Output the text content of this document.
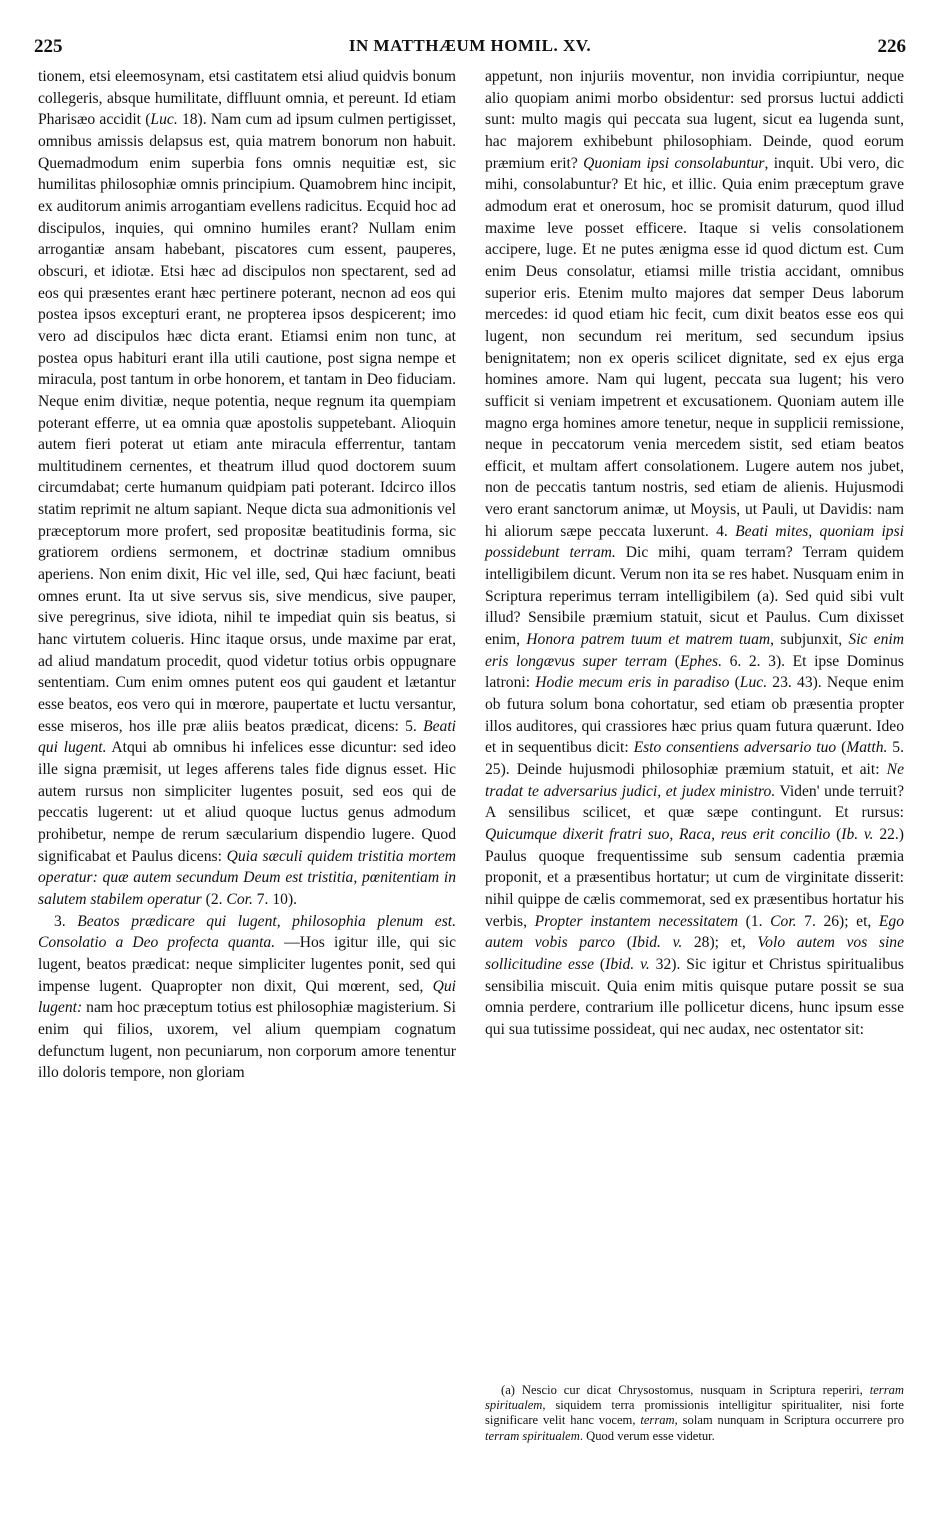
225	IN MATTHÆUM HOMIL. XV.	226

tionem, etsi eleemosynam, etsi castitatem etsi aliud quidvis bonum collegeris, absque humilitate, diffluunt omnia, et pereunt. Id etiam Pharisæo accidit (Luc. 18). Nam cum ad ipsum culmen pertigisset, omnibus amissis delapsus est, quia matrem bonorum non habuit. Quemadmodum enim superbia fons omnis nequitiæ est, sic humilitas philosophiæ omnis principium. Quamobrem hinc incipit, ex auditorum animis arrogantiam evellens radicitus. Ecquid hoc ad discipulos, inquies, qui omnino humiles erant? Nullam enim arrogantiæ ansam habebant, piscatores cum essent, pauperes, obscuri, et idiotæ. Etsi hæc ad discipulos non spectarent, sed ad eos qui præsentes erant hæc pertinere poterant, necnon ad eos qui postea ipsos excepturi erant, ne propterea ipsos despicerent; imo vero ad discipulos hæc dicta erant. Etiamsi enim non tunc, at postea opus habituri erant illa utili cautione, post signa nempe et miracula, post tantum in orbe honorem, et tantam in Deo fiduciam. Neque enim divitiæ, neque potentia, neque regnum ita quempiam poterant efferre, ut ea omnia quæ apostolis suppetebant. Alioquin autem fieri poterat ut etiam ante miracula efferrentur, tantam multitudinem cernentes, et theatrum illud quod doctorem suum circumdabat; certe humanum quidpiam pati poterant. Idcirco illos statim reprimit ne altum sapiant. Neque dicta sua admonitionis vel præceptorum more profert, sed propositæ beatitudinis forma, sic gratiorem ordiens sermonem, et doctrinæ stadium omnibus aperiens. Non enim dixit, Hic vel ille, sed, Qui hæc faciunt, beati omnes erunt. Ita ut sive servus sis, sive mendicus, sive pauper, sive peregrinus, sive idiota, nihil te impediat quin sis beatus, si hanc virtutem colueris. Hinc itaque orsus, unde maxime par erat, ad aliud mandatum procedit, quod videtur totius orbis oppugnare sententiam. Cum enim omnes putent eos qui gaudent et lætantur esse beatos, eos vero qui in mœrore, paupertate et luctu versantur, esse miseros, hos ille præ aliis beatos prædicat, dicens: 5. Beati qui lugent. Atqui ab omnibus hi infelices esse dicuntur: sed ideo ille signa præmisit, ut leges afferens tales fide dignus esset. Hic autem rursus non simpliciter lugentes posuit, sed eos qui de peccatis lugerent: ut et aliud quoque luctus genus admodum prohibetur, nempe de rerum sæcularium dispendio lugere. Quod significabat et Paulus dicens: Quia sæculi quidem tristitia mortem operatur: quæ autem secundum Deum est tristitia, pœnitentiam in salutem stabilem operatur (2. Cor. 7. 10).

3. Beatos prædicare qui lugent, philosophia plenum est. Consolatio a Deo profecta quanta. —Hos igitur ille, qui sic lugent, beatos prædicat: neque simpliciter lugentes ponit, sed qui impense lugent. Quapropter non dixit, Qui mœrent, sed, Qui lugent: nam hoc præceptum totius est philosophiæ magisterium. Si enim qui filios, uxorem, vel alium quempiam cognatum defunctum lugent, non pecuniarum, non corporum amore tenentur illo doloris tempore, non gloriam

appetunt, non injuriis moventur, non invidia corripiuntur, neque alio quopiam animi morbo obsidentur: sed prorsus luctui addicti sunt: multo magis qui peccata sua lugent, sicut ea lugenda sunt, hac majorem exhibebunt philosophiam. Deinde, quod eorum præmium erit? Quoniam ipsi consolabuntur, inquit. Ubi vero, dic mihi, consolabuntur? Et hic, et illic. Quia enim præceptum grave admodum erat et onerosum, hoc se promisit daturum, quod illud maxime leve posset efficere. Itaque si velis consolationem accipere, luge. Et ne putes ænigma esse id quod dictum est. Cum enim Deus consolatur, etiamsi mille tristia accidant, omnibus superior eris. Etenim multo majores dat semper Deus laborum mercedes: id quod etiam hic fecit, cum dixit beatos esse eos qui lugent, non secundum rei meritum, sed secundum ipsius benignitatem; non ex operis scilicet dignitate, sed ex ejus erga homines amore. Nam qui lugent, peccata sua lugent; his vero sufficit si veniam impetrent et excusationem. Quoniam autem ille magno erga homines amore tenetur, neque in supplicii remissione, neque in peccatorum venia mercedem sistit, sed etiam beatos efficit, et multam affert consolationem. Lugere autem nos jubet, non de peccatis tantum nostris, sed etiam de alienis. Hujusmodi vero erant sanctorum animæ, ut Moysis, ut Pauli, ut Davidis: nam hi aliorum sæpe peccata luxerunt. 4. Beati mites, quoniam ipsi possidebunt terram. Dic mihi, quam terram? Terram quidem intelligibilem dicunt. Verum non ita se res habet. Nusquam enim in Scriptura reperimus terram intelligibilem (a). Sed quid sibi vult illud? Sensibile præmium statuit, sicut et Paulus. Cum dixisset enim, Honora patrem tuum et matrem tuam, subjunxit, Sic enim eris longævus super terram (Ephes. 6. 2. 3). Et ipse Dominus latroni: Hodie mecum eris in paradiso (Luc. 23. 43). Neque enim ob futura solum bona cohortatur, sed etiam ob præsentia propter illos auditores, qui crassiores hæc prius quam futura quærunt. Ideo et in sequentibus dicit: Esto consentiens adversario tuo (Matth. 5. 25). Deinde hujusmodi philosophiæ præmium statuit, et ait: Ne tradat te adversarius judici, et judex ministro. Viden' unde terruit? A sensilibus scilicet, et quæ sæpe contingunt. Et rursus: Quicumque dixerit fratri suo, Raca, reus erit concilio (Ib. v. 22.) Paulus quoque frequentissime sub sensum cadentia præmia proponit, et a præsentibus hortatur; ut cum de virginitate disserit: nihil quippe de cælis commemorat, sed ex præsentibus hortatur his verbis, Propter instantem necessitatem (1. Cor. 7. 26); et, Ego autem vobis parco (Ibid. v. 28); et, Volo autem vos sine sollicitudine esse (Ibid. v. 32). Sic igitur et Christus spiritualibus sensibilia miscuit. Quia enim mitis quisque putare possit se sua omnia perdere, contrarium ille pollicetur dicens, hunc ipsum esse qui sua tutissime possideat, qui nec audax, nec ostentator sit:

(a) Nescio cur dicat Chrysostomus, nusquam in Scriptura reperiri, terram spiritualem, siquidem terra promissionis intelligitur spiritualiter, nisi forte significare velit hanc vocem, terram, solam nunquam in Scriptura occurrere pro terram spiritualem. Quod verum esse videtur.
